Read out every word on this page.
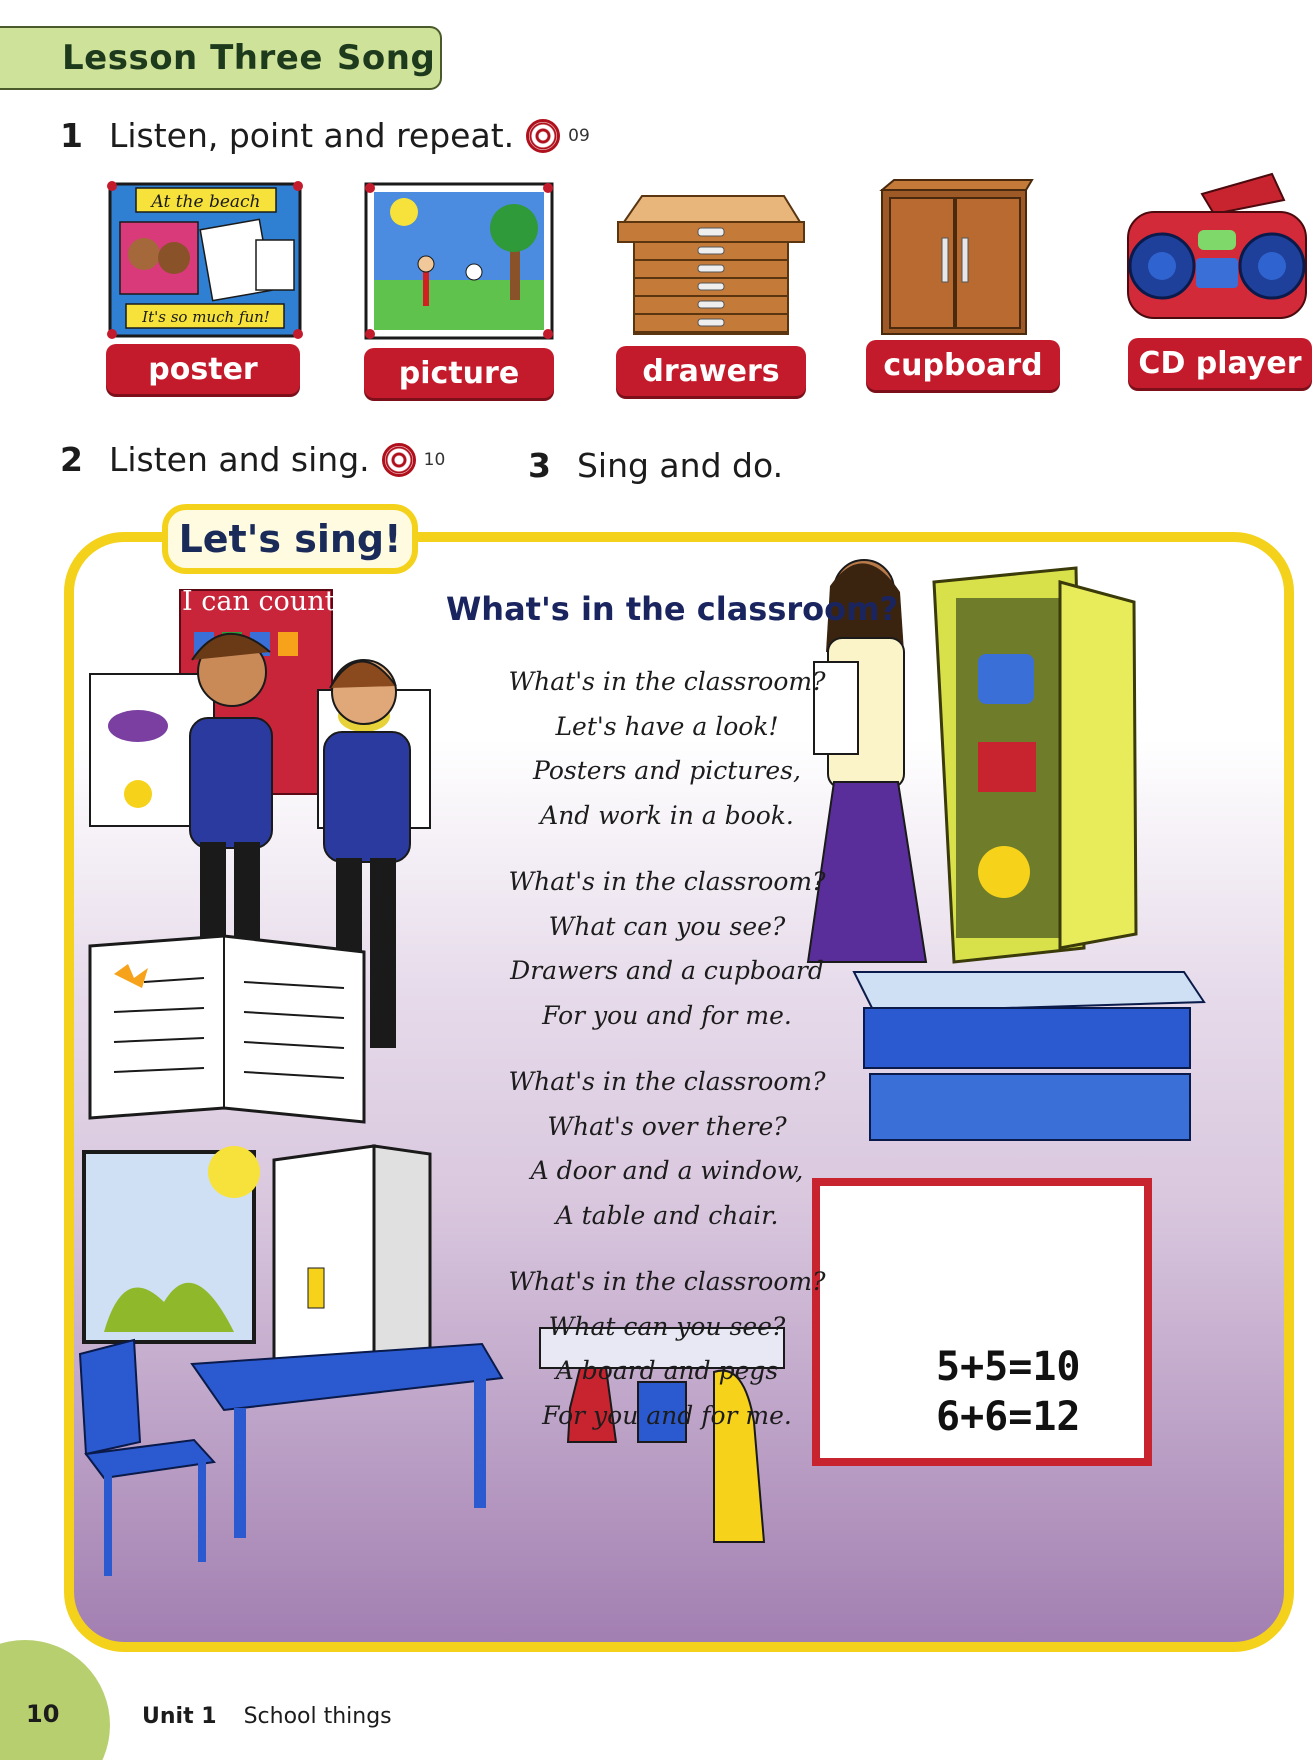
Lesson Three Song
1 Listen, point and repeat.	09
At the beach
It's so much fun!
poster	picture	drawers	cupboard	CD player
2 Listen and sing.	10	3 Sing and do.
Let's sing!
I can count	What's in the classroom?
What's in the classroom?
Let's have a look!
Posters and pictures,
And work in a book.
What's in the classroom?
What can you see?
Drawers and a cupboard
For you and for me.
What's in the classroom?
What's over there?
A door and a window,
A table and chair.
What's in the classroom?
What can you see?
A board and pegs
For you and for me.
5+5=10
6+6=12
10	Unit 1 School things
